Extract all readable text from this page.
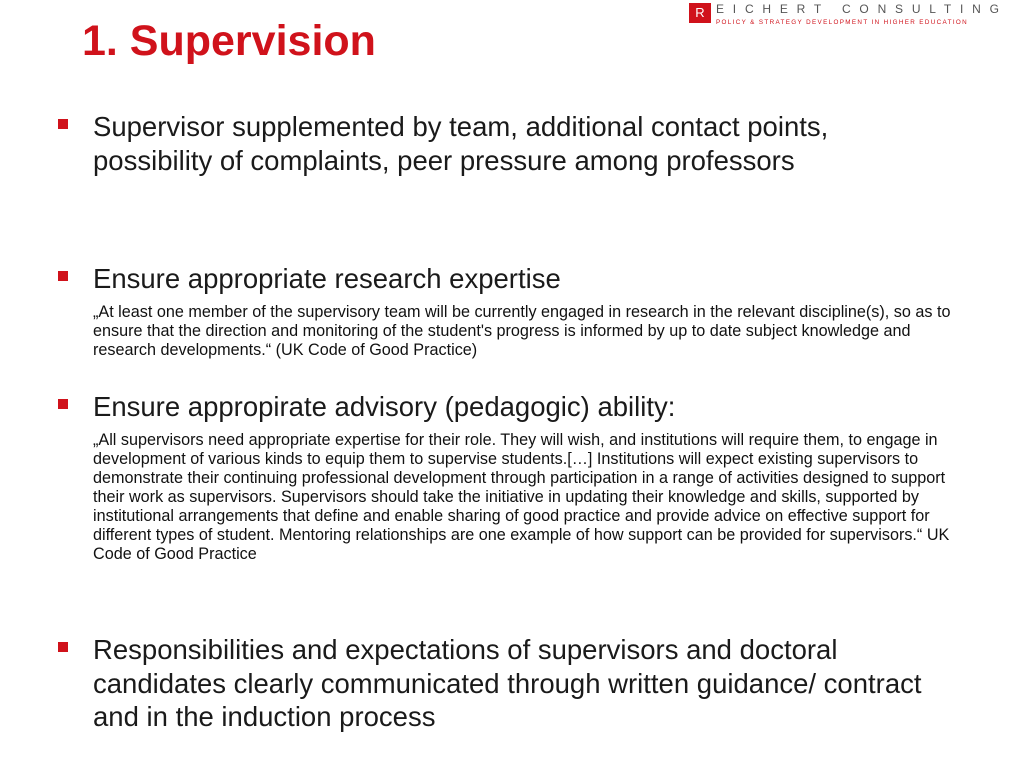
1. Supervision
R EICHERT CONSULTING
POLICY & STRATEGY DEVELOPMENT IN HIGHER EDUCATION

Supervisor supplemented by team, additional contact points, possibility of complaints, peer pressure among professors

Ensure appropriate research expertise

„At least one member of the supervisory team will be currently engaged in research in the relevant discipline(s), so as to ensure that the direction and monitoring of the student's progress is informed by up to date subject knowledge and research developments.“ (UK Code of Good Practice)

Ensure appropirate advisory (pedagogic) ability:

„All supervisors need appropriate expertise for their role. They will wish, and institutions will require them, to engage in development of various kinds to equip them to supervise students.[…] Institutions will expect existing supervisors to demonstrate their continuing professional development through participation in a range of activities designed to support their work as supervisors. Supervisors should take the initiative in updating their knowledge and skills, supported by institutional arrangements that define and enable sharing of good practice and provide advice on effective support for different types of student. Mentoring relationships are one example of how support can be provided for supervisors.“ UK Code of Good Practice

Responsibilities and expectations of supervisors and doctoral candidates clearly communicated through written guidance/ contract and in the induction process
